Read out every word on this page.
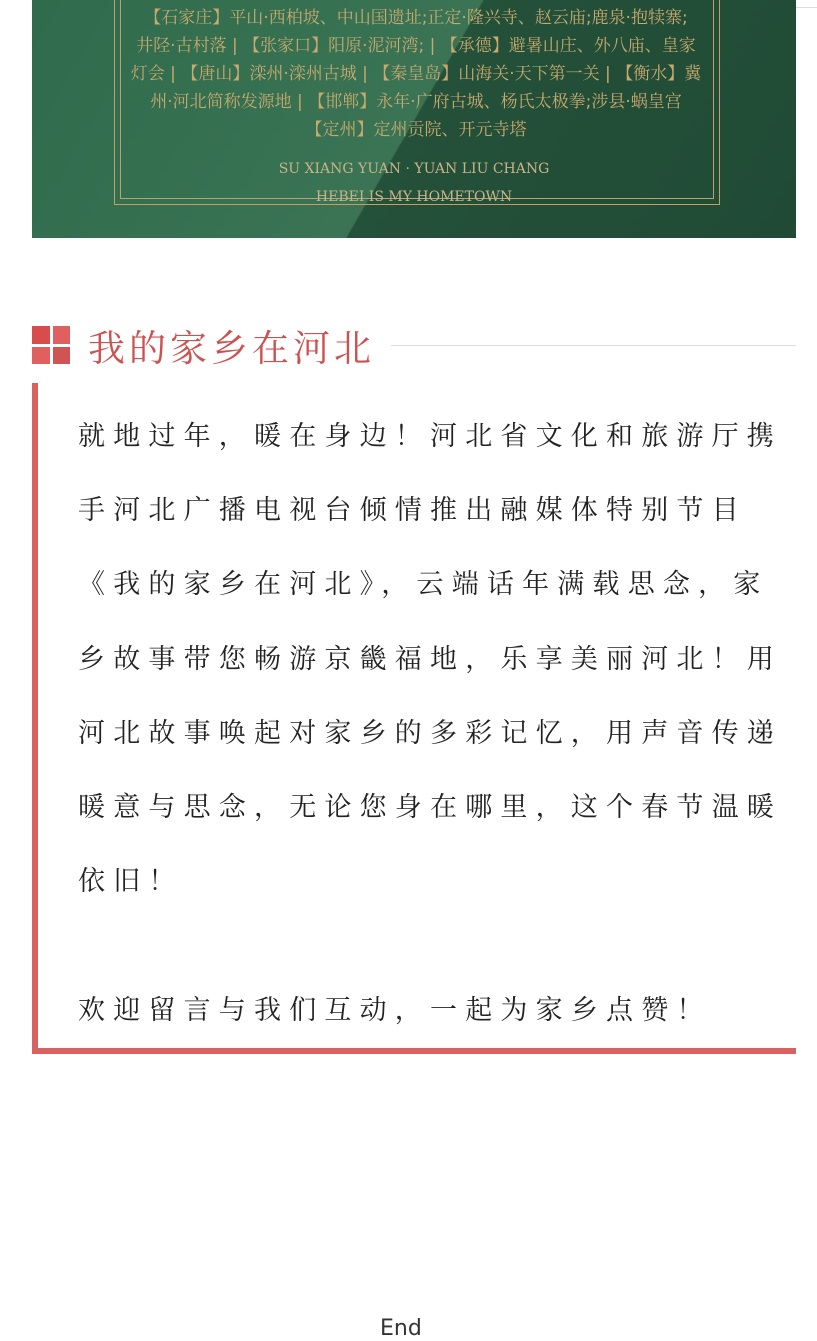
【石家庄】平山·西柏坡、中山国遗址;正定·隆兴寺、赵云庙;鹿泉·抱犊寨;
井陉·古村落 | 【张家口】阳原·泥河湾; | 【承德】避暑山庄、外八庙、皇家
灯会 | 【唐山】滦州·滦州古城 | 【秦皇岛】山海关·天下第一关 | 【衡水】冀
州·河北简称发源地 | 【邯郸】永年·广府古城、杨氏太极拳;涉县·蜗皇宫
【定州】定州贡院、开元寺塔
SU XIANG YUAN · YUAN LIU CHANG
HEBEI IS MY HOMETOWN
我的家乡在河北
就地过年，暖在身边！河北省文化和旅游厅携
手河北广播电视台倾情推出融媒体特别节目
《我的家乡在河北》，云端话年满载思念，家
乡故事带您畅游京畿福地，乐享美丽河北！用
河北故事唤起对家乡的多彩记忆，用声音传递
暖意与思念，无论您身在哪里，这个春节温暖
依旧！
欢迎留言与我们互动，一起为家乡点赞！
End
